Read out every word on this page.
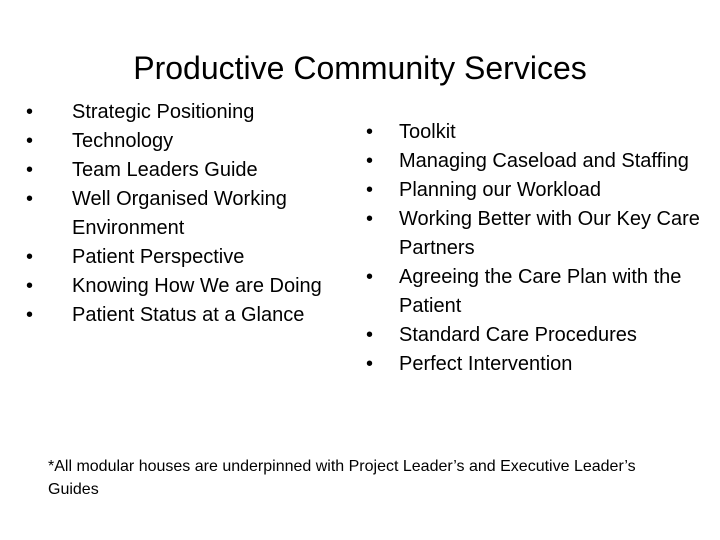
Productive Community Services
• Strategic Positioning
• Technology
• Team Leaders Guide
• Well Organised Working Environment
• Patient Perspective
• Knowing How We are Doing
• Patient Status at a Glance
• Toolkit
• Managing Caseload and Staffing
• Planning our Workload
• Working Better with Our Key Care Partners
• Agreeing the Care Plan with the Patient
• Standard Care Procedures
• Perfect Intervention
*All modular houses are underpinned with Project Leader’s and Executive Leader’s Guides
